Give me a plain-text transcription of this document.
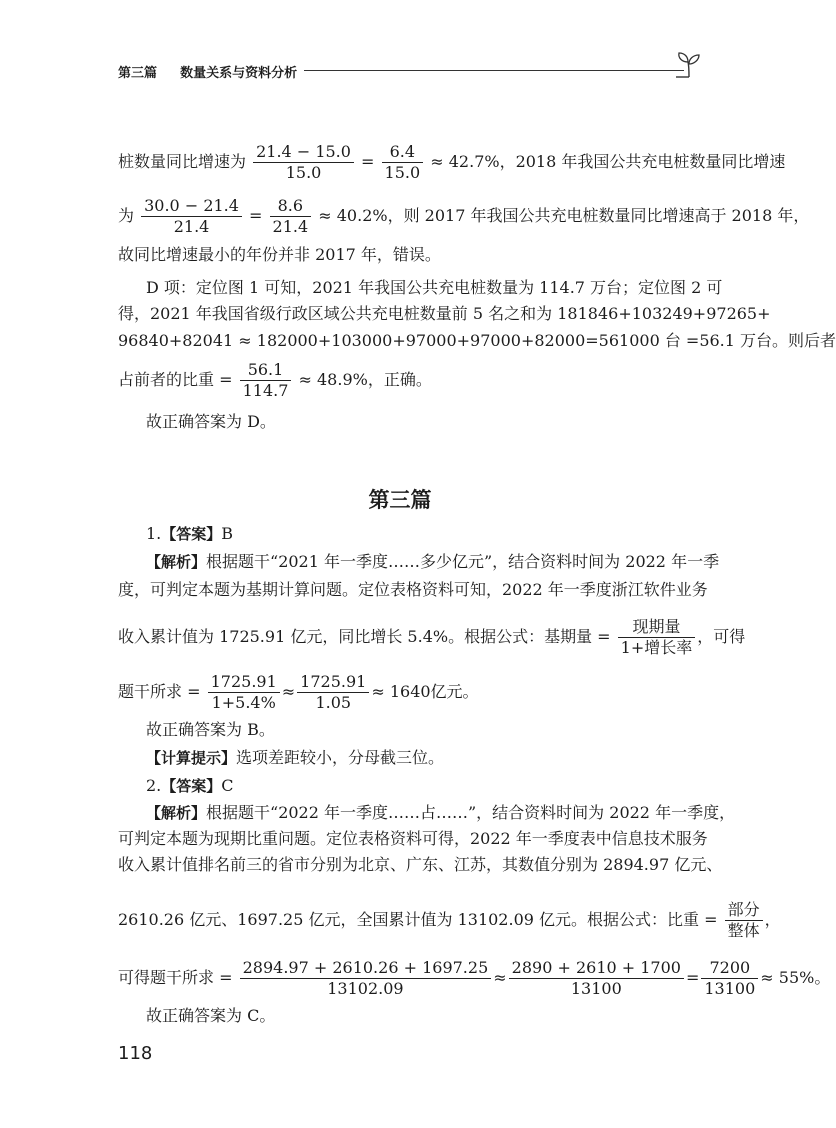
第三篇 数量关系与资料分析
桩数量同比增速为 $\frac{21.4 - 15.0}{15.0} = \frac{6.4}{15.0} \approx 42.7\%$，2018 年我国公共充电桩数量同比增速
为 $\frac{30.0 - 21.4}{21.4} = \frac{8.6}{21.4} \approx 40.2\%$，则 2017 年我国公共充电桩数量同比增速高于 2018 年，
故同比增速最小的年份并非 2017 年，错误。
D 项：定位图 1 可知，2021 年我国公共充电桩数量为 114.7 万台；定位图 2 可
得，2021 年我国省级行政区域公共充电桩数量前 5 名之和为 181846+103249+97265+
96840+82041 ≈ 182000+103000+97000+97000+82000=561000 台 =56.1 万台。则后者
占前者的比重 = $\frac{56.1}{114.7} \approx 48.9\%$，正确。
故正确答案为 D。
第三篇
1.【答案】B
【解析】根据题干“2021 年一季度……多少亿元”，结合资料时间为 2022 年一季
度，可判定本题为基期计算问题。定位表格资料可知，2022 年一季度浙江软件业务
收入累计值为 1725.91 亿元，同比增长 5.4%。根据公式：基期量 = $\frac{\text{现期量}}{\text{1+增长率}}$ ，可得
题干所求 = $\frac{1725.91}{1+5.4\%} \approx \frac{1725.91}{1.05} \approx 1640$亿元。
故正确答案为 B。
【计算提示】选项差距较小，分母截三位。
2.【答案】C
【解析】根据题干“2022 年一季度……占……”，结合资料时间为 2022 年一季度，
可判定本题为现期比重问题。定位表格资料可得，2022 年一季度表中信息技术服务
收入累计值排名前三的省市分别为北京、广东、江苏，其数值分别为 2894.97 亿元、
2610.26 亿元、1697.25 亿元，全国累计值为 13102.09 亿元。根据公式：比重 = $\frac{\text{部分}}{\text{整体}}$ ，
可得题干所求 = $\frac{2894.97 + 2610.26 + 1697.25}{13102.09} \approx \frac{2890 + 2610 + 1700}{13100} = \frac{7200}{13100} \approx 55\%$。
故正确答案为 C。
118
